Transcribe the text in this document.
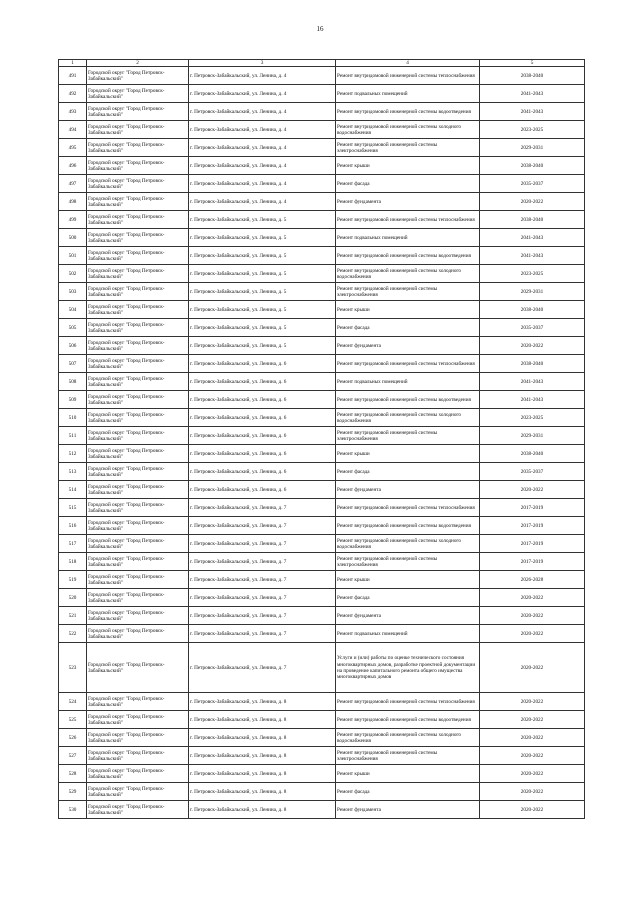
16
1	2	3	4	5
491	Городской округ "Город Петровск-Забайкальский"	г. Петровск-Забайкальский, ул. Ленина, д. 4	Ремонт внутридомовой инженерной системы теплоснабжения	2038-2040
492	Городской округ "Город Петровск-Забайкальский"	г. Петровск-Забайкальский, ул. Ленина, д. 4	Ремонт подвальных помещений	2041-2043
493	Городской округ "Город Петровск-Забайкальский"	г. Петровск-Забайкальский, ул. Ленина, д. 4	Ремонт внутридомовой инженерной системы водоотведения	2041-2043
494	Городской округ "Город Петровск-Забайкальский"	г. Петровск-Забайкальский, ул. Ленина, д. 4	Ремонт внутридомовой инженерной системы холодного водоснабжения	2023-2025
495	Городской округ "Город Петровск-Забайкальский"	г. Петровск-Забайкальский, ул. Ленина, д. 4	Ремонт внутридомовой инженерной системы электроснабжения	2029-2031
496	Городской округ "Город Петровск-Забайкальский"	г. Петровск-Забайкальский, ул. Ленина, д. 4	Ремонт крыши	2038-2040
497	Городской округ "Город Петровск-Забайкальский"	г. Петровск-Забайкальский, ул. Ленина, д. 4	Ремонт фасада	2035-2037
498	Городской округ "Город Петровск-Забайкальский"	г. Петровск-Забайкальский, ул. Ленина, д. 4	Ремонт фундамента	2020-2022
499	Городской округ "Город Петровск-Забайкальский"	г. Петровск-Забайкальский, ул. Ленина, д. 5	Ремонт внутридомовой инженерной системы теплоснабжения	2038-2040
500	Городской округ "Город Петровск-Забайкальский"	г. Петровск-Забайкальский, ул. Ленина, д. 5	Ремонт подвальных помещений	2041-2043
501	Городской округ "Город Петровск-Забайкальский"	г. Петровск-Забайкальский, ул. Ленина, д. 5	Ремонт внутридомовой инженерной системы водоотведения	2041-2043
502	Городской округ "Город Петровск-Забайкальский"	г. Петровск-Забайкальский, ул. Ленина, д. 5	Ремонт внутридомовой инженерной системы холодного водоснабжения	2023-2025
503	Городской округ "Город Петровск-Забайкальский"	г. Петровск-Забайкальский, ул. Ленина, д. 5	Ремонт внутридомовой инженерной системы электроснабжения	2029-2031
504	Городской округ "Город Петровск-Забайкальский"	г. Петровск-Забайкальский, ул. Ленина, д. 5	Ремонт крыши	2038-2040
505	Городской округ "Город Петровск-Забайкальский"	г. Петровск-Забайкальский, ул. Ленина, д. 5	Ремонт фасада	2035-2037
506	Городской округ "Город Петровск-Забайкальский"	г. Петровск-Забайкальский, ул. Ленина, д. 5	Ремонт фундамента	2020-2022
507	Городской округ "Город Петровск-Забайкальский"	г. Петровск-Забайкальский, ул. Ленина, д. 6	Ремонт внутридомовой инженерной системы теплоснабжения	2038-2040
508	Городской округ "Город Петровск-Забайкальский"	г. Петровск-Забайкальский, ул. Ленина, д. 6	Ремонт подвальных помещений	2041-2043
509	Городской округ "Город Петровск-Забайкальский"	г. Петровск-Забайкальский, ул. Ленина, д. 6	Ремонт внутридомовой инженерной системы водоотведения	2041-2043
510	Городской округ "Город Петровск-Забайкальский"	г. Петровск-Забайкальский, ул. Ленина, д. 6	Ремонт внутридомовой инженерной системы холодного водоснабжения	2023-2025
511	Городской округ "Город Петровск-Забайкальский"	г. Петровск-Забайкальский, ул. Ленина, д. 6	Ремонт внутридомовой инженерной системы электроснабжения	2029-2031
512	Городской округ "Город Петровск-Забайкальский"	г. Петровск-Забайкальский, ул. Ленина, д. 6	Ремонт крыши	2038-2040
513	Городской округ "Город Петровск-Забайкальский"	г. Петровск-Забайкальский, ул. Ленина, д. 6	Ремонт фасада	2035-2037
514	Городской округ "Город Петровск-Забайкальский"	г. Петровск-Забайкальский, ул. Ленина, д. 6	Ремонт фундамента	2020-2022
515	Городской округ "Город Петровск-Забайкальский"	г. Петровск-Забайкальский, ул. Ленина, д. 7	Ремонт внутридомовой инженерной системы теплоснабжения	2017-2019
516	Городской округ "Город Петровск-Забайкальский"	г. Петровск-Забайкальский, ул. Ленина, д. 7	Ремонт внутридомовой инженерной системы водоотведения	2017-2019
517	Городской округ "Город Петровск-Забайкальский"	г. Петровск-Забайкальский, ул. Ленина, д. 7	Ремонт внутридомовой инженерной системы холодного водоснабжения	2017-2019
518	Городской округ "Город Петровск-Забайкальский"	г. Петровск-Забайкальский, ул. Ленина, д. 7	Ремонт внутридомовой инженерной системы электроснабжения	2017-2019
519	Городской округ "Город Петровск-Забайкальский"	г. Петровск-Забайкальский, ул. Ленина, д. 7	Ремонт крыши	2026-2028
520	Городской округ "Город Петровск-Забайкальский"	г. Петровск-Забайкальский, ул. Ленина, д. 7	Ремонт фасада	2020-2022
521	Городской округ "Город Петровск-Забайкальский"	г. Петровск-Забайкальский, ул. Ленина, д. 7	Ремонт фундамента	2020-2022
522	Городской округ "Город Петровск-Забайкальский"	г. Петровск-Забайкальский, ул. Ленина, д. 7	Ремонт подвальных помещений	2020-2022
523	Городской округ "Город Петровск-Забайкальский"	г. Петровск-Забайкальский, ул. Ленина, д. 7	Услуги и (или) работы по оценке технического состояния многоквартирных домов, разработке проектной документации на проведение капитального ремонта общего имущества многоквартирных домов	2020-2022
524	Городской округ "Город Петровск-Забайкальский"	г. Петровск-Забайкальский, ул. Ленина, д. 8	Ремонт внутридомовой инженерной системы теплоснабжения	2020-2022
525	Городской округ "Город Петровск-Забайкальский"	г. Петровск-Забайкальский, ул. Ленина, д. 8	Ремонт внутридомовой инженерной системы водоотведения	2020-2022
526	Городской округ "Город Петровск-Забайкальский"	г. Петровск-Забайкальский, ул. Ленина, д. 8	Ремонт внутридомовой инженерной системы холодного водоснабжения	2020-2022
527	Городской округ "Город Петровск-Забайкальский"	г. Петровск-Забайкальский, ул. Ленина, д. 8	Ремонт внутридомовой инженерной системы электроснабжения	2020-2022
528	Городской округ "Город Петровск-Забайкальский"	г. Петровск-Забайкальский, ул. Ленина, д. 8	Ремонт крыши	2020-2022
529	Городской округ "Город Петровск-Забайкальский"	г. Петровск-Забайкальский, ул. Ленина, д. 8	Ремонт фасада	2020-2022
530	Городской округ "Город Петровск-Забайкальский"	г. Петровск-Забайкальский, ул. Ленина, д. 8	Ремонт фундамента	2020-2022
